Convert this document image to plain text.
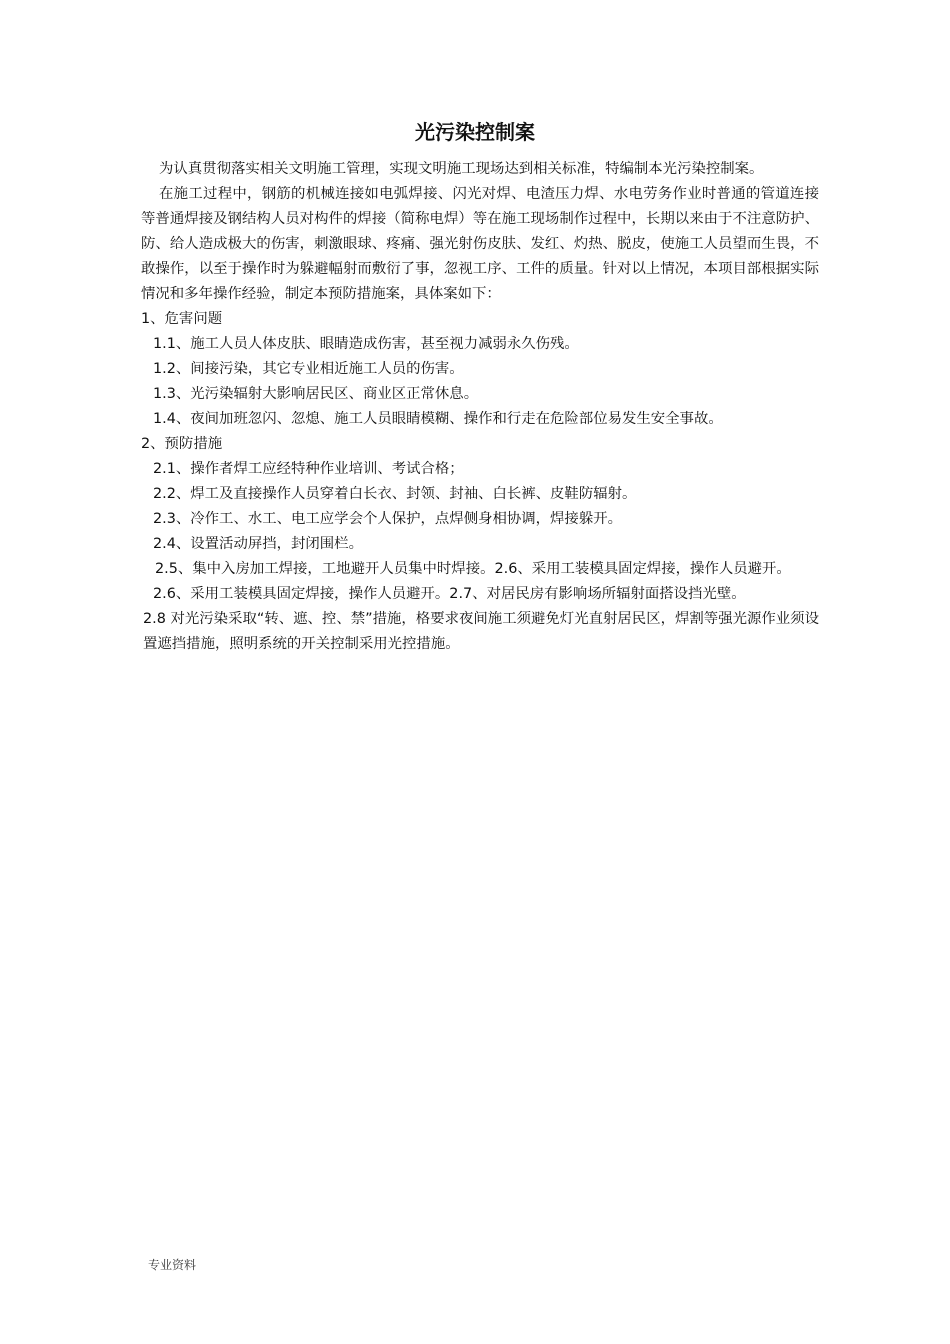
光污染控制案

为认真贯彻落实相关文明施工管理，实现文明施工现场达到相关标准，特编制本光污染控制案。

在施工过程中，钢筋的机械连接如电弧焊接、闪光对焊、电渣压力焊、水电劳务作业时普通的管道连接等普通焊接及钢结构人员对构件的焊接（简称电焊）等在施工现场制作过程中，长期以来由于不注意防护、防、给人造成极大的伤害，刺激眼球、疼痛、强光射伤皮肤、发红、灼热、脱皮，使施工人员望而生畏，不敢操作，以至于操作时为躲避幅射而敷衍了事，忽视工序、工件的质量。针对以上情况，本项目部根据实际情况和多年操作经验，制定本预防措施案，具体案如下：

1、危害问题

1.1、施工人员人体皮肤、眼睛造成伤害，甚至视力减弱永久伤残。

1.2、间接污染，其它专业相近施工人员的伤害。

1.3、光污染辐射大影响居民区、商业区正常休息。

1.4、夜间加班忽闪、忽熄、施工人员眼睛模糊、操作和行走在危险部位易发生安全事故。

2、预防措施

2.1、操作者焊工应经特种作业培训、考试合格；

2.2、焊工及直接操作人员穿着白长衣、封领、封袖、白长裤、皮鞋防辐射。

2.3、冷作工、水工、电工应学会个人保护，点焊侧身相协调，焊接躲开。

2.4、设置活动屏挡，封闭围栏。

2.5、集中入房加工焊接，工地避开人员集中时焊接。2.6、采用工装模具固定焊接，操作人员避开。

2.6、采用工装模具固定焊接，操作人员避开。2.7、对居民房有影响场所辐射面搭设挡光壁。

2.8 对光污染采取“转、遮、控、禁”措施，格要求夜间施工须避免灯光直射居民区，焊割等强光源作业须设置遮挡措施，照明系统的开关控制采用光控措施。

专业资料
